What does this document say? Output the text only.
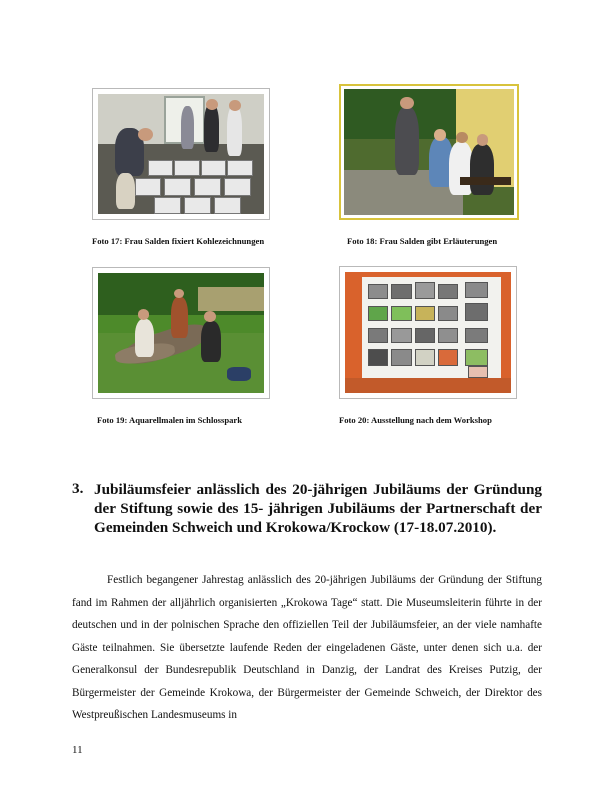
Foto 17: Frau Salden fixiert Kohlezeichnungen	Foto 18: Frau Salden gibt Erläuterungen
Foto 19: Aquarellmalen im Schlosspark	Foto 20: Ausstellung nach dem Workshop
3. Jubiläumsfeier anlässlich des 20-jährigen Jubiläums der Gründung der Stiftung sowie des 15- jährigen Jubiläums der Partnerschaft der Gemeinden Schweich und Krokowa/Krockow (17-18.07.2010).

Festlich begangener Jahrestag anlässlich des 20-jährigen Jubiläums der Gründung der Stiftung fand im Rahmen der alljährlich organisierten „Krokowa Tage“ statt. Die Museumsleiterin führte in der deutschen und in der polnischen Sprache den offiziellen Teil der Jubiläumsfeier, an der viele namhafte Gäste teilnahmen. Sie übersetzte laufende Reden der eingeladenen Gäste, unter denen sich u.a. der Generalkonsul der Bundesrepublik Deutschland in Danzig, der Landrat des Kreises Putzig, der Bürgermeister der Gemeinde Krokowa, der Bürgermeister der Gemeinde Schweich, der Direktor des Westpreußischen Landesmuseums in

11
